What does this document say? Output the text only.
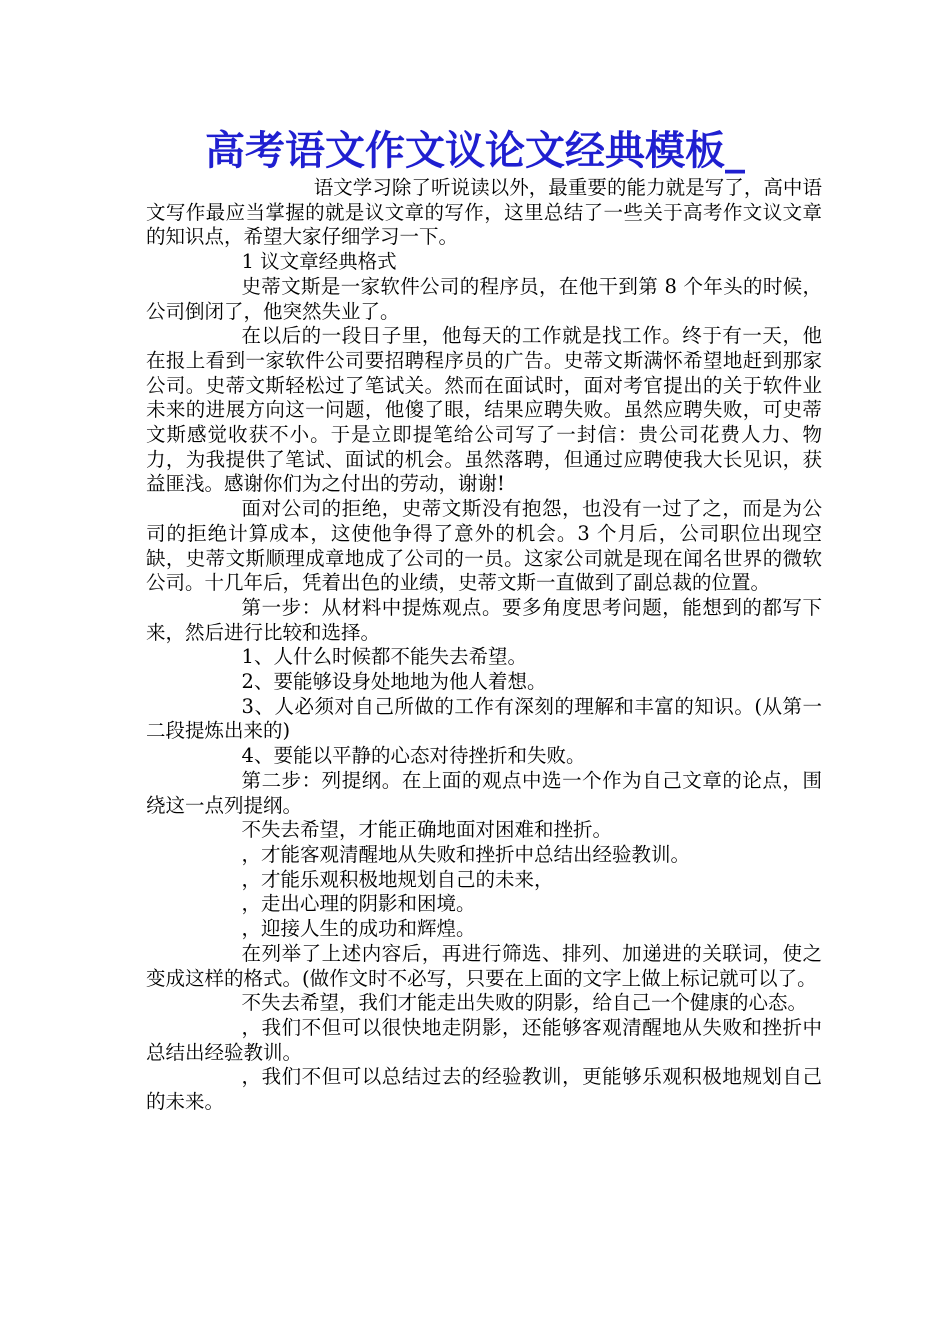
高考语文作文议论文经典模板_

语文学习除了听说读以外，最重要的能力就是写了，高中语文写作最应当掌握的就是议文章的写作，这里总结了一些关于高考作文议文章的知识点，希望大家仔细学习一下。

1 议文章经典格式

史蒂文斯是一家软件公司的程序员，在他干到第 8 个年头的时候，公司倒闭了，他突然失业了。

在以后的一段日子里，他每天的工作就是找工作。终于有一天，他在报上看到一家软件公司要招聘程序员的广告。史蒂文斯满怀希望地赶到那家公司。史蒂文斯轻松过了笔试关。然而在面试时，面对考官提出的关于软件业未来的进展方向这一问题，他傻了眼，结果应聘失败。虽然应聘失败，可史蒂文斯感觉收获不小。于是立即提笔给公司写了一封信：贵公司花费人力、物力，为我提供了笔试、面试的机会。虽然落聘，但通过应聘使我大长见识，获益匪浅。感谢你们为之付出的劳动，谢谢!

面对公司的拒绝，史蒂文斯没有抱怨，也没有一过了之，而是为公司的拒绝计算成本，这使他争得了意外的机会。3 个月后，公司职位出现空缺，史蒂文斯顺理成章地成了公司的一员。这家公司就是现在闻名世界的微软公司。十几年后，凭着出色的业绩，史蒂文斯一直做到了副总裁的位置。

第一步：从材料中提炼观点。要多角度思考问题，能想到的都写下来，然后进行比较和选择。

1、人什么时候都不能失去希望。

2、要能够设身处地地为他人着想。

3、人必须对自己所做的工作有深刻的理解和丰富的知识。(从第一二段提炼出来的)

4、要能以平静的心态对待挫折和失败。

第二步：列提纲。在上面的观点中选一个作为自己文章的论点，围绕这一点列提纲。

不失去希望，才能正确地面对困难和挫折。

，才能客观清醒地从失败和挫折中总结出经验教训。

，才能乐观积极地规划自己的未来，

，走出心理的阴影和困境。

，迎接人生的成功和辉煌。

在列举了上述内容后，再进行筛选、排列、加递进的关联词，使之变成这样的格式。(做作文时不必写，只要在上面的文字上做上标记就可以了。

不失去希望，我们才能走出失败的阴影，给自己一个健康的心态。

，我们不但可以很快地走阴影，还能够客观清醒地从失败和挫折中总结出经验教训。

，我们不但可以总结过去的经验教训，更能够乐观积极地规划自己的未来。
